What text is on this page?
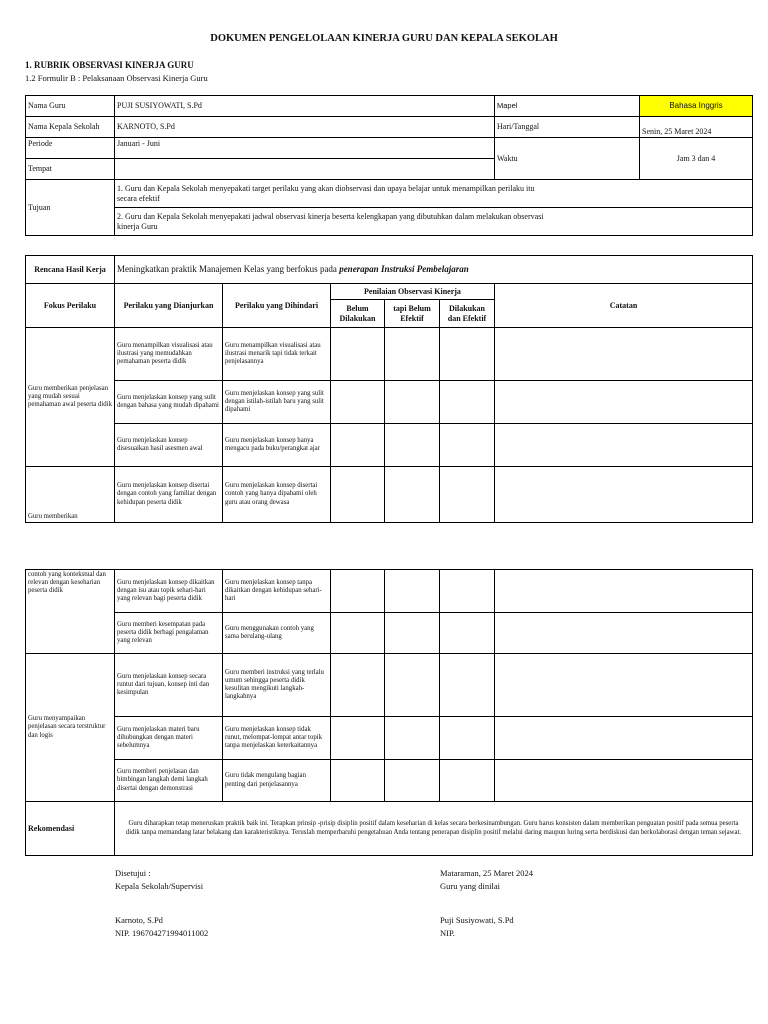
DOKUMEN PENGELOLAAN KINERJA GURU DAN KEPALA SEKOLAH
1. RUBRIK OBSERVASI KINERJA GURU
1.2 Formulir B : Pelaksanaan Observasi Kinerja Guru
Nama Guru	PUJI SUSIYOWATI, S.Pd	Mapel	Bahasa Inggris
Nama Kepala Sekolah	KARNOTO, S.Pd	Hari/Tanggal	Senin, 25 Maret 2024
Periode	Januari - Juni	Waktu	Jam 3 dan 4
Tempat			
Tujuan	1. Guru dan Kepala Sekolah menyepakati target perilaku yang akan diobservasi dan upaya belajar untuk menampilkan perilaku itu secara efektif		
	2. Guru dan Kepala Sekolah menyepakati jadwal observasi kinerja beserta kelengkapan yang dibutuhkan dalam melakukan observasi kinerja Guru		
Rencana Hasil Kerja	Meningkatkan praktik Manajemen Kelas yang berfokus pada penerapan Instruksi Pembelajaran					
Fokus Perilaku	Perilaku yang Dianjurkan	Perilaku yang Dihindari	Penilaian Observasi Kinerja			Catatan
			Belum Dilakukan	tapi Belum Efektif	Dilakukan dan Efektif	
Guru memberikan penjelasan yang mudah sesuai pemahaman awal peserta didik	Guru menampilkan visualisasi atau ilustrasi yang memudahkan pemahaman peserta didik	Guru menampilkan visualisasi atau ilustrasi menarik tapi tidak terkait penjelasannya				
	Guru menjelaskan konsep yang sulit dengan bahasa yang mudah dipahami	Guru menjelaskan konsep yang sulit dengan istilah-istilah baru yang sulit dipahami				
	Guru menjelaskan konsep disesuaikan hasil asesmen awal	Guru menjelaskan konsep hanya mengacu pada buku/perangkat ajar				
Guru memberikan	Guru menjelaskan konsep disertai dengan contoh yang familiar dengan kehidupan peserta didik	Guru menjelaskan konsep disertai contoh yang hanya dipahami oleh guru atau orang dewasa				
contoh yang kontekstual dan relevan dengan keseharian peserta didik	Guru menjelaskan konsep dikaitkan dengan isu atau topik sehari-hari yang relevan bagi peserta didik	Guru menjelaskan konsep tanpa dikaitkan dengan kehidupan sehari-hari				
	Guru memberi kesempatan pada peserta didik berbagi pengalaman yang relevan	Guru menggunakan contoh yang sama berulang-ulang				
Guru menyampaikan penjelasan secara terstruktur dan logis	Guru menjelaskan konsep secara runtut dari tujuan, konsep inti dan kesimpulan	Guru memberi instruksi yang terlalu umum sehingga peserta didik kesulitan mengikuti langkah-langkahnya				
	Guru menjelaskan materi baru dihubungkan dengan materi sebelumnya	Guru menjelaskan konsep tidak runut, melompat-lompat antar topik tanpa menjelaskan keterkaitannya				
	Guru memberi penjelasan dan bimbingan langkah demi langkah disertai dengan demonstrasi	Guru tidak mengulang bagian penting dari penjelasannya				
Rekomendasi	Guru diharapkan tetap meneruskan praktik baik ini. Terapkan prinsip -prisip disiplin positif dalam keseharian di kelas secara berkesinambungan. Guru harus konsisten dalam memberikan penguatan positif pada semua peserta didik tanpa memandang latar belakang dan karakteristiknya. Teruslah memperbaruhi pengetahuan Anda tentang penerapan disiplin positif melalui daring maupun luring serta berdiskusi dan berkolaborasi dengan teman sejawat.					
Disetujui :
Kepala Sekolah/Supervisi
Mataraman, 25 Maret 2024
Guru yang dinilai
Karnoto, S.Pd
NIP. 196704271994011002
Puji Susiyowati, S.Pd
NIP.
